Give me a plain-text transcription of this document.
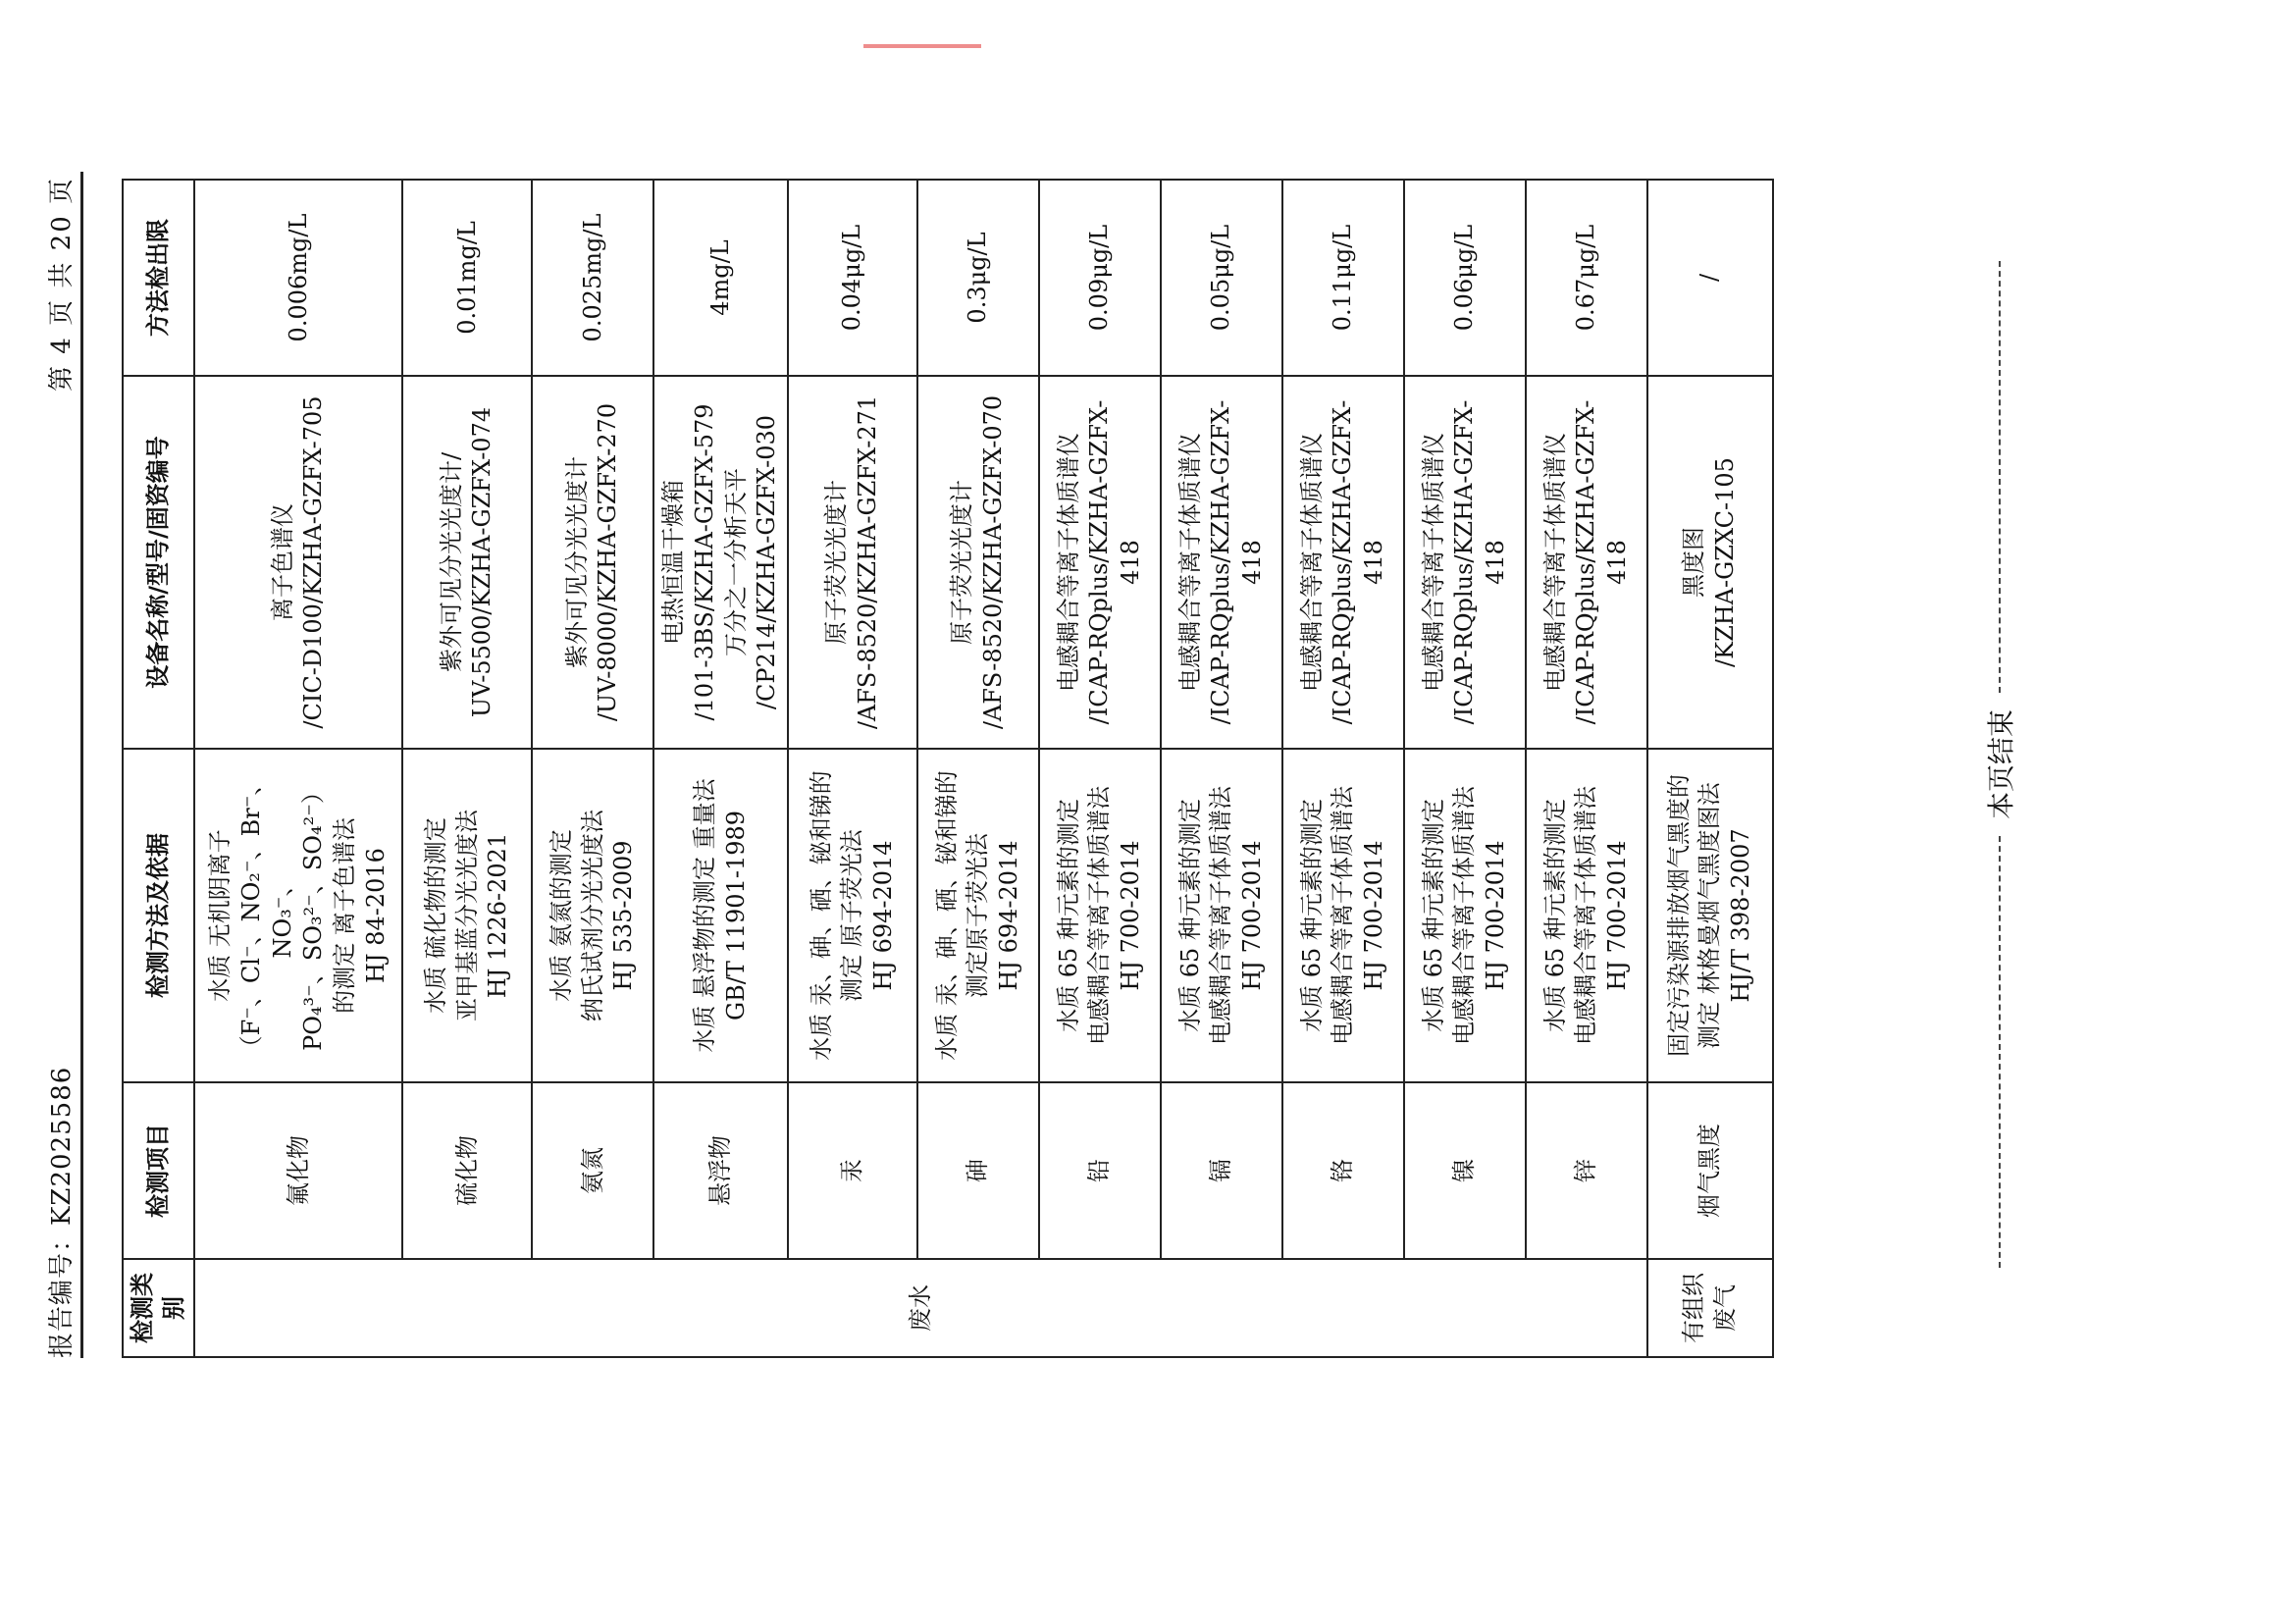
报告编号：KZ2025586
第 4 页 共 20 页
检测类别	检测项目	检测方法及依据	设备名称/型号/固资编号	方法检出限
废水	氟化物	水质 无机阴离子
（F⁻、Cl⁻、NO₂⁻、Br⁻、NO₃⁻、
PO₄³⁻、SO₃²⁻、SO₄²⁻）
的测定 离子色谱法
HJ 84-2016	离子色谱仪
/CIC-D100/KZHA-GZFX-705	0.006mg/L
	硫化物	水质 硫化物的测定
亚甲基蓝分光光度法
HJ 1226-2021	紫外可见分光光度计/
UV-5500/KZHA-GZFX-074	0.01mg/L
	氨氮	水质 氨氮的测定
纳氏试剂分光光度法
HJ 535-2009	紫外可见分光光度计
/UV-8000/KZHA-GZFX-270	0.025mg/L
	悬浮物	水质 悬浮物的测定 重量法
GB/T 11901-1989	电热恒温干燥箱
/101-3BS/KZHA-GZFX-579
万分之一分析天平
/CP214/KZHA-GZFX-030	4mg/L
	汞	水质 汞、砷、硒、铋和锑的
测定 原子荧光法
HJ 694-2014	原子荧光光度计
/AFS-8520/KZHA-GZFX-271	0.04μg/L
	砷	水质 汞、砷、硒、铋和锑的
测定原子荧光法
HJ 694-2014	原子荧光光度计
/AFS-8520/KZHA-GZFX-070	0.3μg/L
	铅	水质 65 种元素的测定
电感耦合等离子体质谱法
HJ 700-2014	电感耦合等离子体质谱仪
/ICAP-RQplus/KZHA-GZFX-418	0.09μg/L
	镉	水质 65 种元素的测定
电感耦合等离子体质谱法
HJ 700-2014	电感耦合等离子体质谱仪
/ICAP-RQplus/KZHA-GZFX-418	0.05μg/L
	铬	水质 65 种元素的测定
电感耦合等离子体质谱法
HJ 700-2014	电感耦合等离子体质谱仪
/ICAP-RQplus/KZHA-GZFX-418	0.11μg/L
	镍	水质 65 种元素的测定
电感耦合等离子体质谱法
HJ 700-2014	电感耦合等离子体质谱仪
/ICAP-RQplus/KZHA-GZFX-418	0.06μg/L
	锌	水质 65 种元素的测定
电感耦合等离子体质谱法
HJ 700-2014	电感耦合等离子体质谱仪
/ICAP-RQplus/KZHA-GZFX-418	0.67μg/L
有组织
废气	烟气黑度	固定污染源排放烟气黑度的
测定 林格曼烟气黑度图法
HJ/T 398-2007	黑度图
/KZHA-GZXC-105	/
本页结束
